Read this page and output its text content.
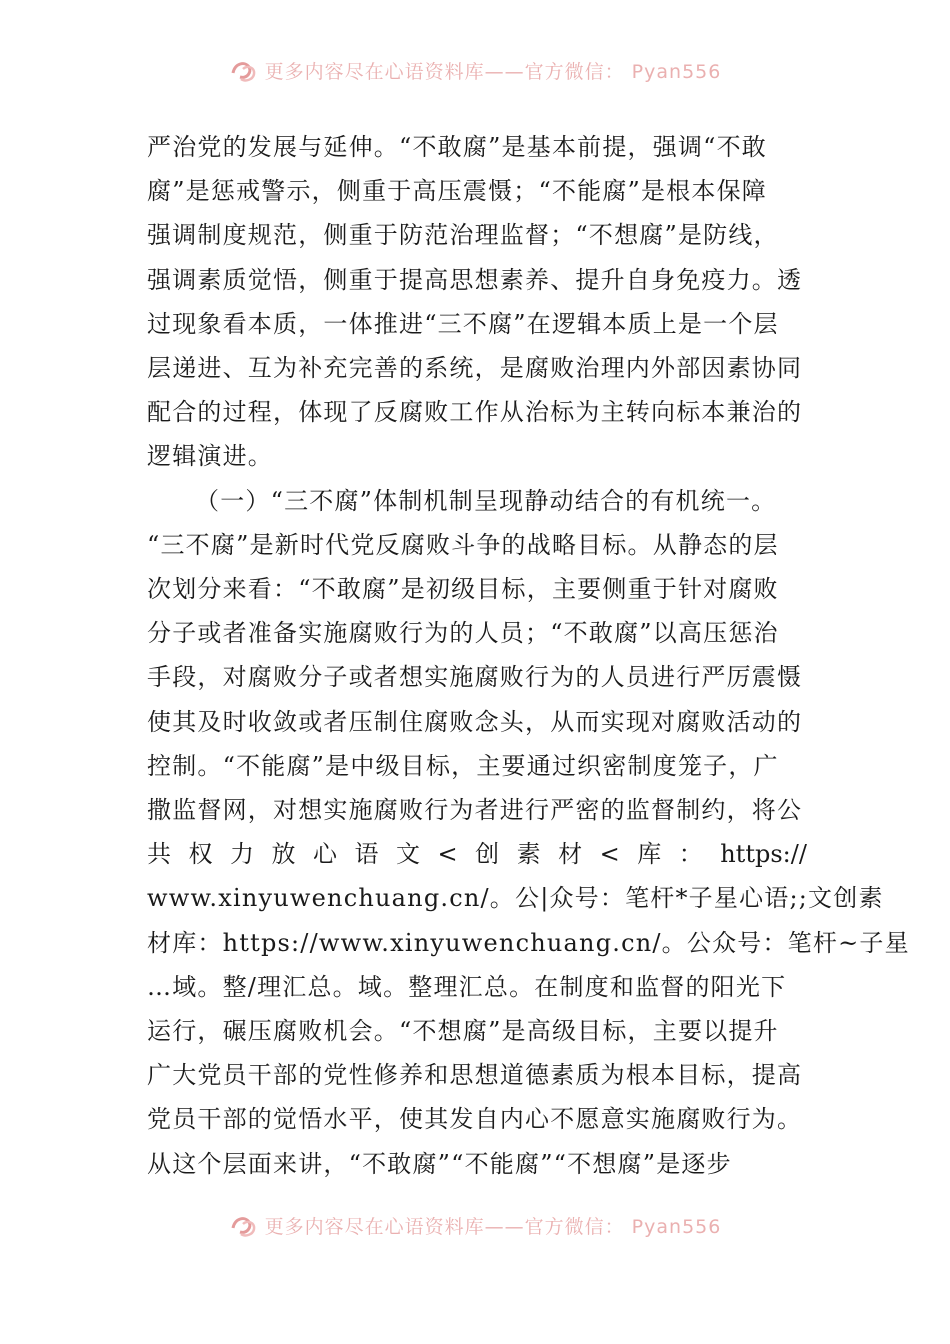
更多内容尽在心语资料库——官方微信： Pyan556

严治党的发展与延伸。“不敢腐”是基本前提，强调“不敢

腐”是惩戒警示，侧重于高压震慑；“不能腐”是根本保障

强调制度规范，侧重于防范治理监督；“不想腐”是防线，

强调素质觉悟，侧重于提高思想素养、提升自身免疫力。透

过现象看本质，一体推进“三不腐”在逻辑本质上是一个层

层递进、互为补充完善的系统，是腐败治理内外部因素协同

配合的过程，体现了反腐败工作从治标为主转向标本兼治的

逻辑演进。

（一）“三不腐”体制机制呈现静动结合的有机统一。

“三不腐”是新时代党反腐败斗争的战略目标。从静态的层

次划分来看：“不敢腐”是初级目标，主要侧重于针对腐败

分子或者准备实施腐败行为的人员；“不敢腐”以高压惩治

手段，对腐败分子或者想实施腐败行为的人员进行严厉震慑

使其及时收敛或者压制住腐败念头，从而实现对腐败活动的

控制。“不能腐”是中级目标，主要通过织密制度笼子，广

撒监督网，对想实施腐败行为者进行严密的监督制约，将公

共 权 力 放 心 语 文 < 创 素 材 < 库 ： https://

www.xinyuwenchuang.cn/。公|众号：笔杆*子星心语;;文创素

材库：https://www.xinyuwenchuang.cn/。公众号：笔杆~子星

…域。整/理汇总。域。整理汇总。在制度和监督的阳光下

运行，碾压腐败机会。“不想腐”是高级目标，主要以提升

广大党员干部的党性修养和思想道德素质为根本目标，提高

党员干部的觉悟水平，使其发自内心不愿意实施腐败行为。

从这个层面来讲，“不敢腐”“不能腐”“不想腐”是逐步

更多内容尽在心语资料库——官方微信： Pyan556
